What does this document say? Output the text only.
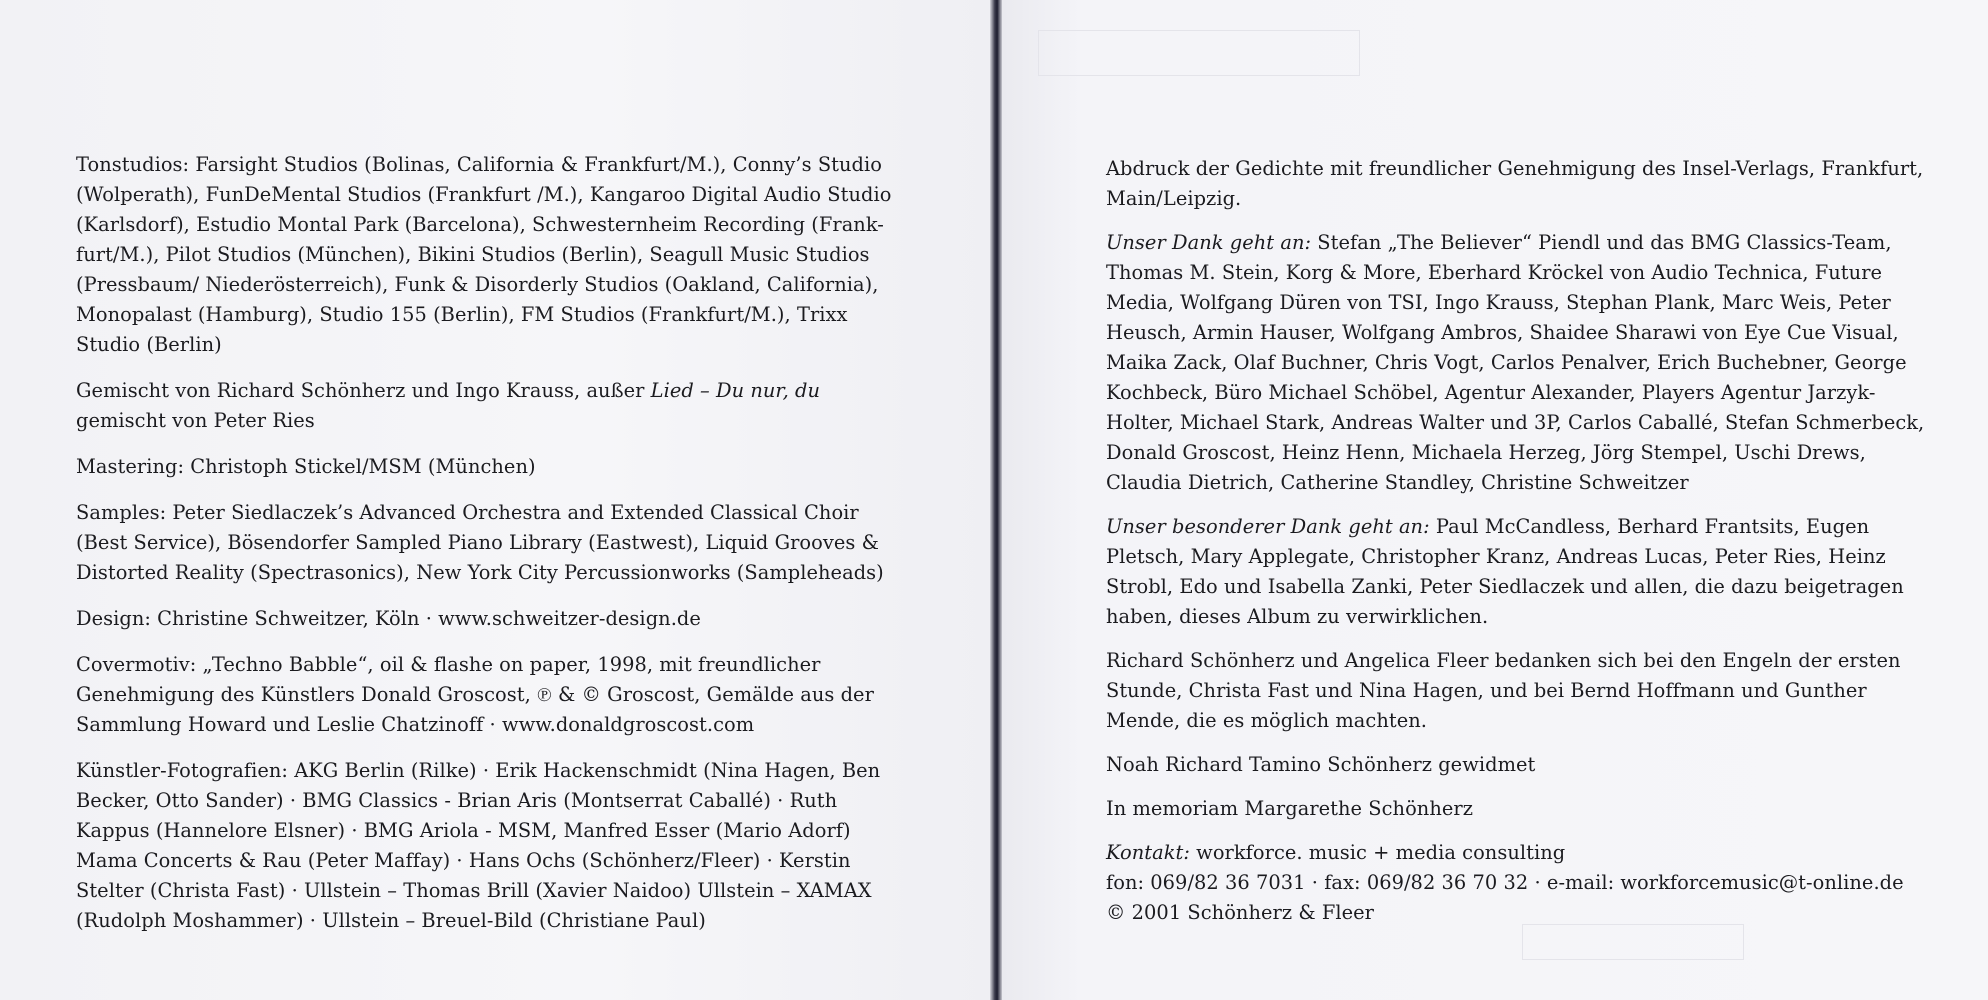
Tonstudios: Farsight Studios (Bolinas, California & Frankfurt/M.), Conny’s Studio (Wolperath), FunDeMental Studios (Frankfurt /M.), Kangaroo Digital Audio Studio (Karlsdorf), Estudio Montal Park (Barcelona), Schwesternheim Recording (Frank-furt/M.), Pilot Studios (München), Bikini Studios (Berlin), Seagull Music Studios (Pressbaum/ Niederösterreich), Funk & Disorderly Studios (Oakland, California), Monopalast (Hamburg), Studio 155 (Berlin), FM Studios (Frankfurt/M.), Trixx Studio (Berlin)

Gemischt von Richard Schönherz und Ingo Krauss, außer Lied – Du nur, du gemischt von Peter Ries

Mastering: Christoph Stickel/MSM (München)

Samples: Peter Siedlaczek’s Advanced Orchestra and Extended Classical Choir (Best Service), Bösendorfer Sampled Piano Library (Eastwest), Liquid Grooves & Distorted Reality (Spectrasonics), New York City Percussionworks (Sampleheads)

Design: Christine Schweitzer, Köln · www.schweitzer-design.de

Covermotiv: „Techno Babble“, oil & flashe on paper, 1998, mit freundlicher Genehmigung des Künstlers Donald Groscost, ℗ & © Groscost, Gemälde aus der Sammlung Howard und Leslie Chatzinoff · www.donaldgroscost.com

Künstler-Fotografien: AKG Berlin (Rilke) · Erik Hackenschmidt (Nina Hagen, Ben Becker, Otto Sander) · BMG Classics - Brian Aris (Montserrat Caballé) · Ruth Kappus (Hannelore Elsner) · BMG Ariola - MSM, Manfred Esser (Mario Adorf) Mama Concerts & Rau (Peter Maffay) · Hans Ochs (Schönherz/Fleer) · Kerstin Stelter (Christa Fast) · Ullstein – Thomas Brill (Xavier Naidoo) Ullstein – XAMAX (Rudolph Moshammer) · Ullstein – Breuel-Bild (Christiane Paul)

Abdruck der Gedichte mit freundlicher Genehmigung des Insel-Verlags, Frankfurt, Main/Leipzig.

Unser Dank geht an: Stefan „The Believer“ Piendl und das BMG Classics-Team, Thomas M. Stein, Korg & More, Eberhard Kröckel von Audio Technica, Future Media, Wolfgang Düren von TSI, Ingo Krauss, Stephan Plank, Marc Weis, Peter Heusch, Armin Hauser, Wolfgang Ambros, Shaidee Sharawi von Eye Cue Visual, Maika Zack, Olaf Buchner, Chris Vogt, Carlos Penalver, Erich Buchebner, George Kochbeck, Büro Michael Schöbel, Agentur Alexander, Players Agentur Jarzyk-Holter, Michael Stark, Andreas Walter und 3P, Carlos Caballé, Stefan Schmerbeck, Donald Groscost, Heinz Henn, Michaela Herzeg, Jörg Stempel, Uschi Drews, Claudia Dietrich, Catherine Standley, Christine Schweitzer

Unser besonderer Dank geht an: Paul McCandless, Berhard Frantsits, Eugen Pletsch, Mary Applegate, Christopher Kranz, Andreas Lucas, Peter Ries, Heinz Strobl, Edo und Isabella Zanki, Peter Siedlaczek und allen, die dazu beigetragen haben, dieses Album zu verwirklichen.

Richard Schönherz und Angelica Fleer bedanken sich bei den Engeln der ersten Stunde, Christa Fast und Nina Hagen, und bei Bernd Hoffmann und Gunther Mende, die es möglich machten.

Noah Richard Tamino Schönherz gewidmet

In memoriam Margarethe Schönherz

Kontakt: workforce. music + media consulting
fon: 069/82 36 7031 · fax: 069/82 36 70 32 · e-mail: workforcemusic@t-online.de
© 2001 Schönherz & Fleer
